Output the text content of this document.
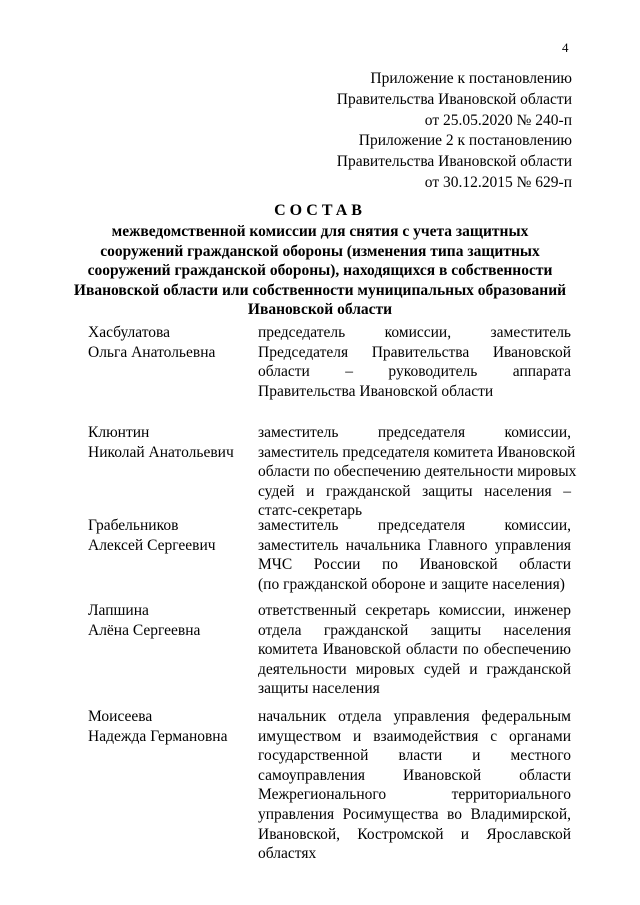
4
Приложение к постановлению
Правительства Ивановской области
от 25.05.2020 № 240-п
Приложение 2 к постановлению
Правительства Ивановской области
от 30.12.2015 № 629-п
СОСТАВ
межведомственной комиссии для снятия с учета защитных
сооружений гражданской обороны (изменения типа защитных
сооружений гражданской обороны), находящихся в собственности
Ивановской области или собственности муниципальных образований
Ивановской области
Хасбулатова
Ольга Анатольевна
председатель комиссии, заместитель
Председателя Правительства Ивановской
области – руководитель аппарата
Правительства Ивановской области
Клюнтин
Николай Анатольевич
заместитель председателя комиссии,
заместитель председателя комитета Ивановской
области по обеспечению деятельности мировых
судей и гражданской защиты населения –
статс-секретарь
Грабельников
Алексей Сергеевич
заместитель председателя комиссии,
заместитель начальника Главного управления
МЧС России по Ивановской области
(по гражданской обороне и защите населения)
Лапшина
Алёна Сергеевна
ответственный секретарь комиссии, инженер
отдела гражданской защиты населения
комитета Ивановской области по обеспечению
деятельности мировых судей и гражданской
защиты населения
Моисеева
Надежда Германовна
начальник отдела управления федеральным
имуществом и взаимодействия с органами
государственной власти и местного
самоуправления Ивановской области
Межрегионального территориального
управления Росимущества во Владимирской,
Ивановской, Костромской и Ярославской
областях
